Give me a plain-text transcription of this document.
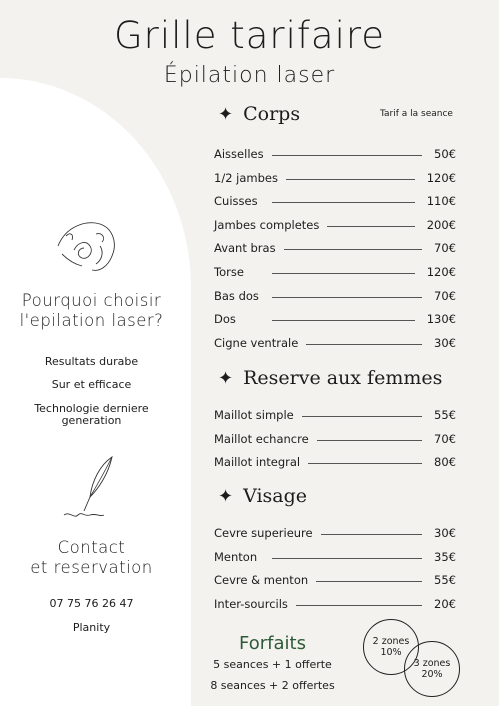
Grille tarifaire
Épilation laser
✦ Corps	Tarif a la seance
Aisselles	50€
1/2 jambes	120€
Cuisses	110€
Jambes completes	200€
Avant bras	70€
Torse	120€
Bas dos	70€
Dos	130€
Cigne ventrale	30€
✦ Reserve aux femmes
Maillot simple	55€
Maillot echancre	70€
Maillot integral	80€
✦ Visage
Cevre superieure	30€
Menton	35€
Cevre & menton	55€
Inter-sourcils	20€
Pourquoi choisir
l'epilation laser?
Resultats durabe
Sur et efficace
Technologie derniere
generation
Contact
et reservation
07 75 76 26 47
Planity
Forfaits
5 seances + 1 offerte
8 seances + 2 offertes
2 zones
10%
3 zones
20%
